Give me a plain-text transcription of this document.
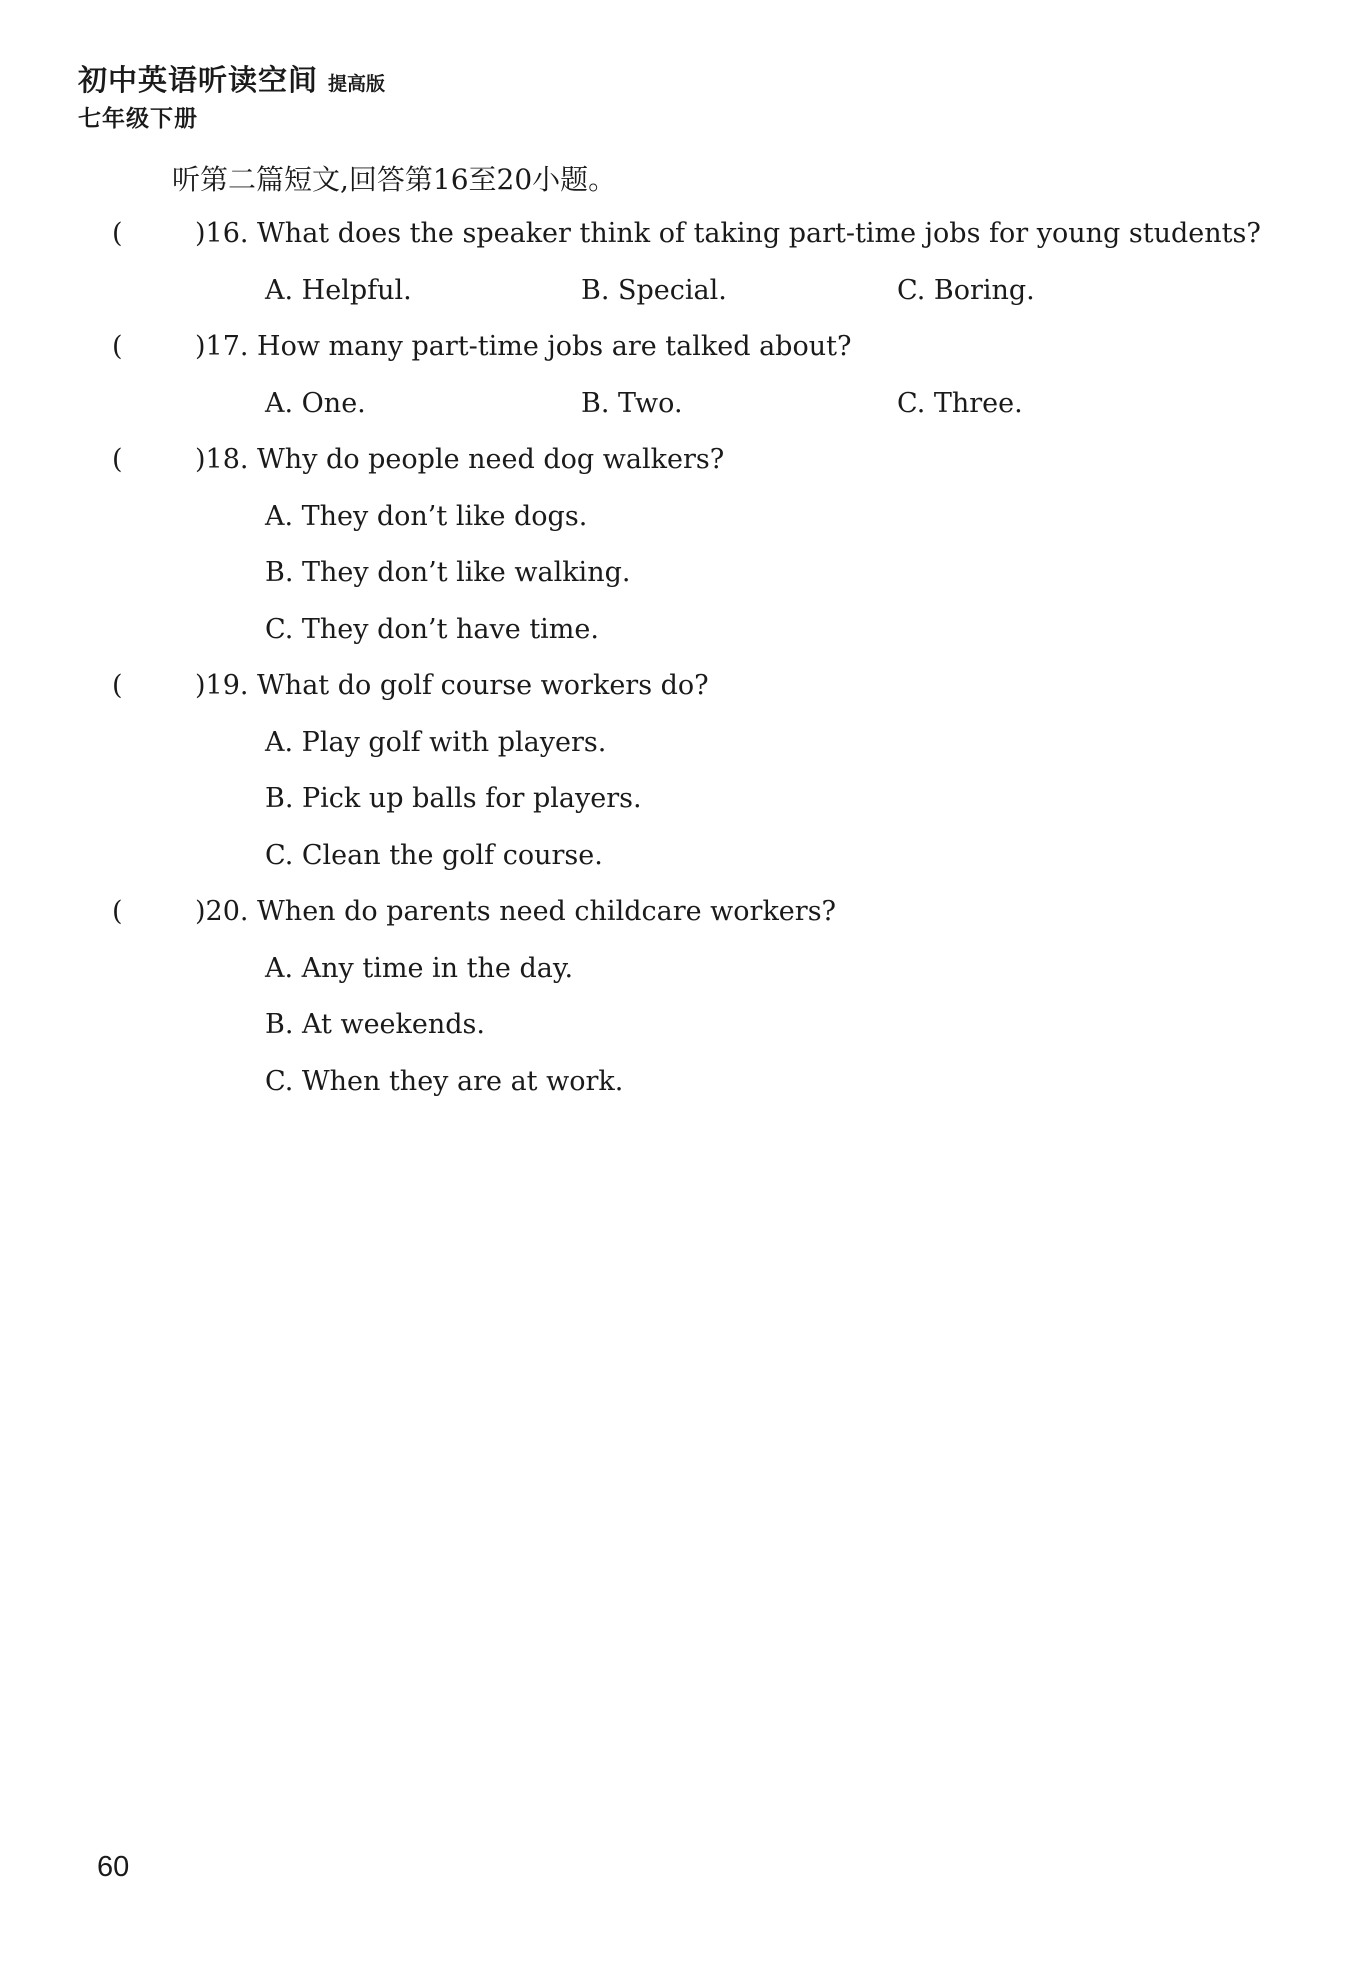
初中英语听读空间 提高版
七年级下册
听第二篇短文,回答第16至20小题。
(	)16. What does the speaker think of taking part-time jobs for young students?
A. Helpful.	B. Special.	C. Boring.
(	)17. How many part-time jobs are talked about?
A. One.	B. Two.	C. Three.
(	)18. Why do people need dog walkers?
A. They don’t like dogs.
B. They don’t like walking.
C. They don’t have time.
(	)19. What do golf course workers do?
A. Play golf with players.
B. Pick up balls for players.
C. Clean the golf course.
(	)20. When do parents need childcare workers?
A. Any time in the day.
B. At weekends.
C. When they are at work.
60
